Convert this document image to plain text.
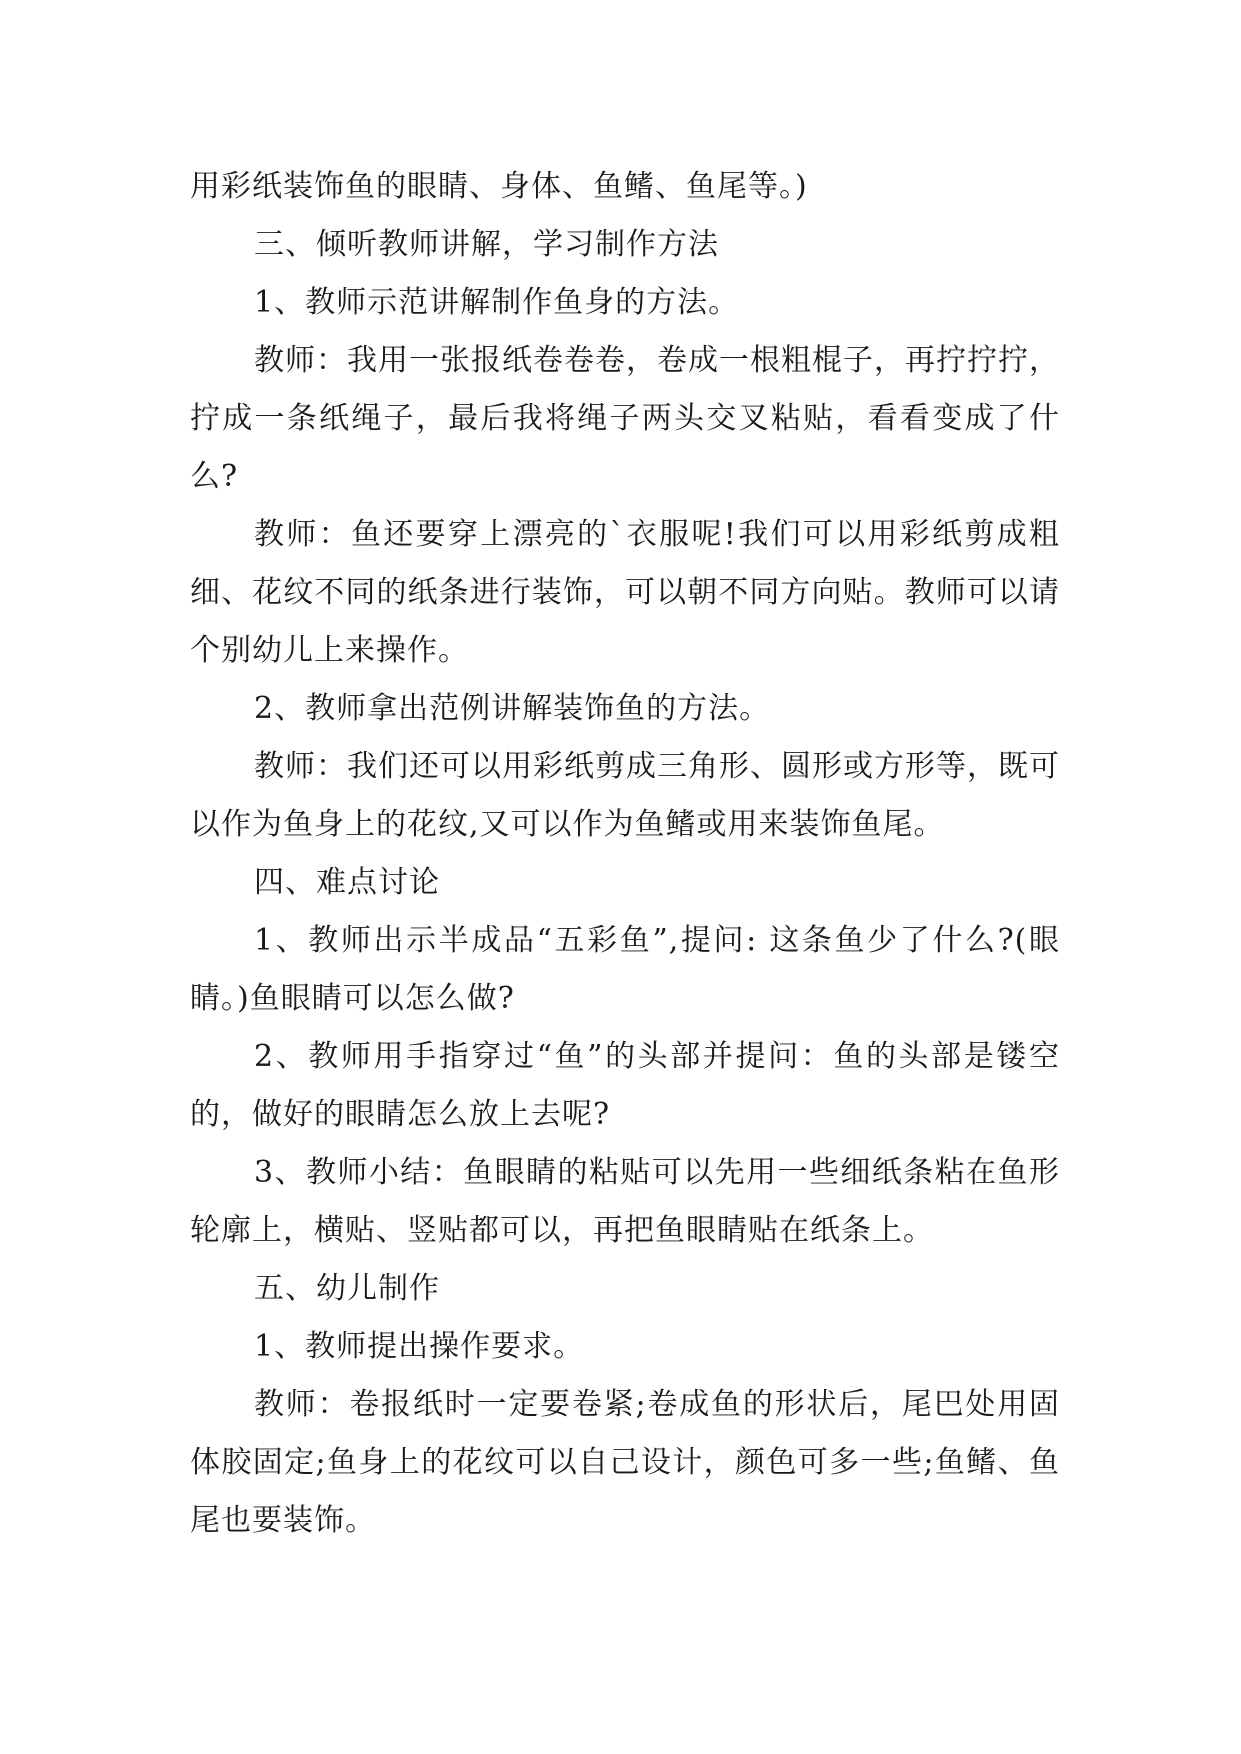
用彩纸装饰鱼的眼睛、身体、鱼鳍、鱼尾等。)

三、倾听教师讲解，学习制作方法

1、教师示范讲解制作鱼身的方法。

教师：我用一张报纸卷卷卷，卷成一根粗棍子，再拧拧拧，拧成一条纸绳子，最后我将绳子两头交叉粘贴，看看变成了什么?

教师：鱼还要穿上漂亮的`衣服呢!我们可以用彩纸剪成粗细、花纹不同的纸条进行装饰，可以朝不同方向贴。教师可以请个别幼儿上来操作。

2、教师拿出范例讲解装饰鱼的方法。

教师：我们还可以用彩纸剪成三角形、圆形或方形等，既可以作为鱼身上的花纹,又可以作为鱼鳍或用来装饰鱼尾。

四、难点讨论

1、教师出示半成品“五彩鱼”,提问: 这条鱼少了什么?(眼睛。)鱼眼睛可以怎么做?

2、教师用手指穿过“鱼”的头部并提问：鱼的头部是镂空的，做好的眼睛怎么放上去呢?

3、教师小结：鱼眼睛的粘贴可以先用一些细纸条粘在鱼形轮廓上，横贴、竖贴都可以，再把鱼眼睛贴在纸条上。

五、幼儿制作

1、教师提出操作要求。

教师：卷报纸时一定要卷紧;卷成鱼的形状后，尾巴处用固体胶固定;鱼身上的花纹可以自己设计，颜色可多一些;鱼鳍、鱼尾也要装饰。
